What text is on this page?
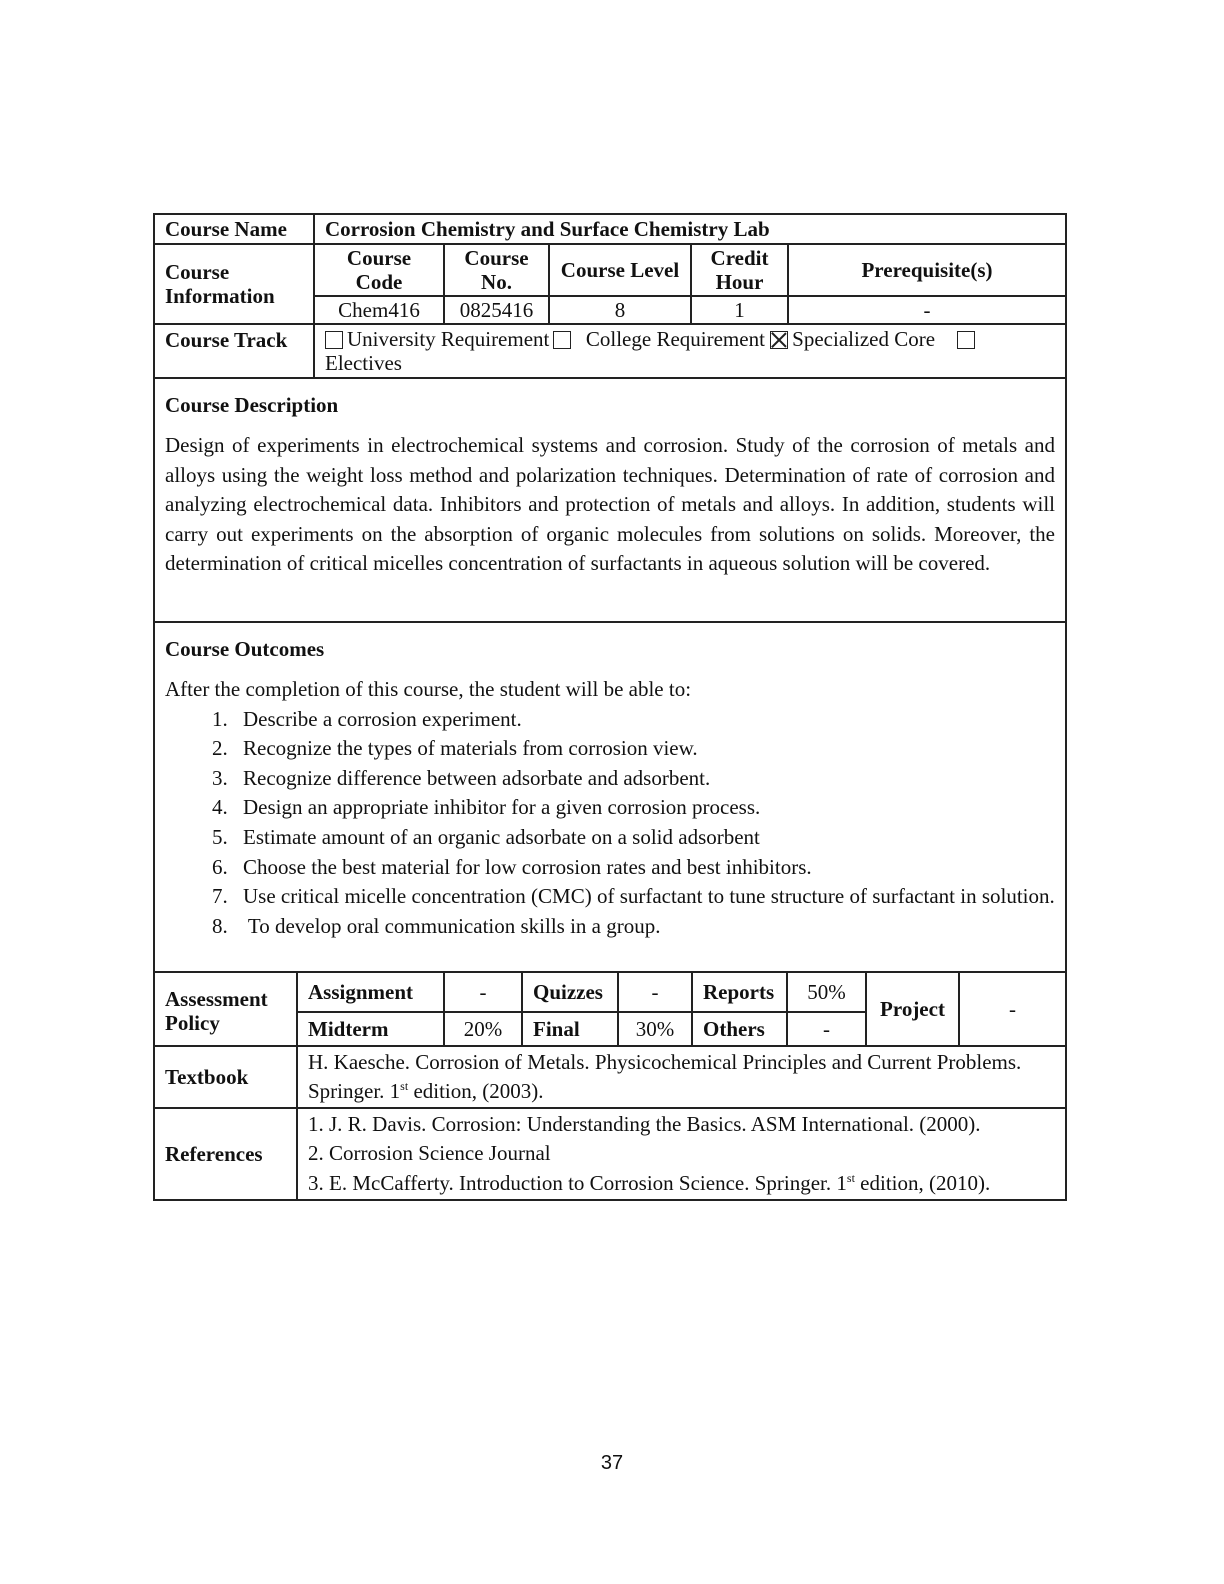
Course Name	Corrosion Chemistry and Surface Chemistry Lab				
Course Information	Course Code	Course No.	Course Level	Credit Hour	Prerequisite(s)
	Chem416	0825416	8	1	-
Course Track	University Requirement College Requirement Specialized Core
Electives				
Course Description

Design of experiments in electrochemical systems and corrosion. Study of the corrosion of metals and alloys using the weight loss method and polarization techniques. Determination of rate of corrosion and analyzing electrochemical data. Inhibitors and protection of metals and alloys. In addition, students will carry out experiments on the absorption of organic molecules from solutions on solids. Moreover, the determination of critical micelles concentration of surfactants in aqueous solution will be covered.

Course Outcomes
After the completion of this course, the student will be able to:
1. Describe a corrosion experiment.
2. Recognize the types of materials from corrosion view.
3. Recognize difference between adsorbate and adsorbent.
4. Design an appropriate inhibitor for a given corrosion process.
5. Estimate amount of an organic adsorbate on a solid adsorbent
6. Choose the best material for low corrosion rates and best inhibitors.
7. Use critical micelle concentration (CMC) of surfactant to tune structure of surfactant in solution.
8.  To develop oral communication skills in a group.
Assessment Policy	Assignment	-	Quizzes	-	Reports	50%	Project	-
	Midterm	20%	Final	30%	Others	-		
Textbook	H. Kaesche. Corrosion of Metals. Physicochemical Principles and Current Problems.
Springer. 1st edition, (2003).							
References	1. J. R. Davis. Corrosion: Understanding the Basics. ASM International. (2000).
2. Corrosion Science Journal
3. E. McCafferty. Introduction to Corrosion Science. Springer. 1st edition, (2010).							
37
